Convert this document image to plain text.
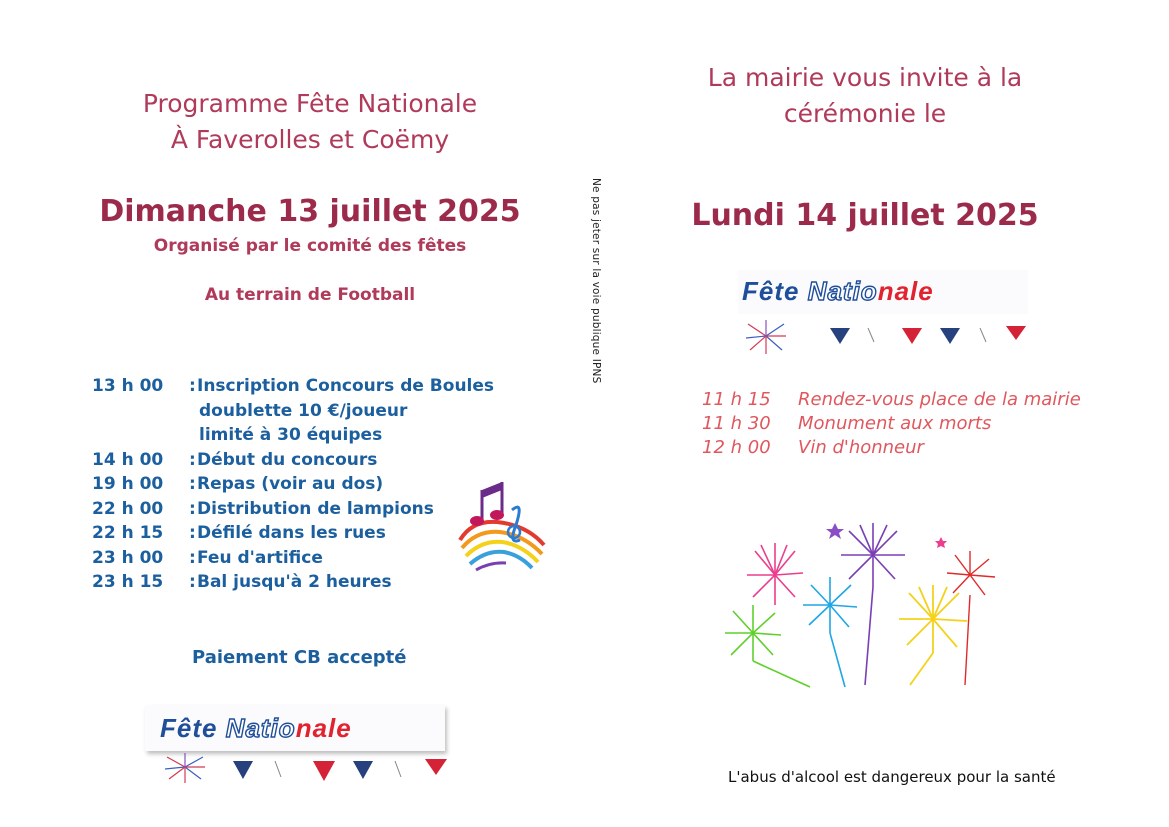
Programme Fête Nationale
À Faverolles et Coëmy
Dimanche 13 juillet 2025
Organisé par le comité des fêtes
Au terrain de Football
13 h 00	: Inscription Concours de Boules
doublette 10 €/joueur
limité à 30 équipes
14 h 00	: Début du concours
19 h 00	: Repas (voir au dos)
22 h 00	: Distribution de lampions
22 h 15	: Défilé dans les rues
23 h 00	: Feu d'artifice
23 h 15	: Bal jusqu'à 2 heures
Paiement CB accepté
Fête Nationale
Ne pas jeter sur la voie publique IPNS
La mairie vous invite à la
cérémonie le
Lundi 14 juillet 2025
Fête Nationale
11 h 15	Rendez-vous place de la mairie
11 h 30	Monument aux morts
12 h 00	Vin d'honneur
L'abus d'alcool est dangereux pour la santé
